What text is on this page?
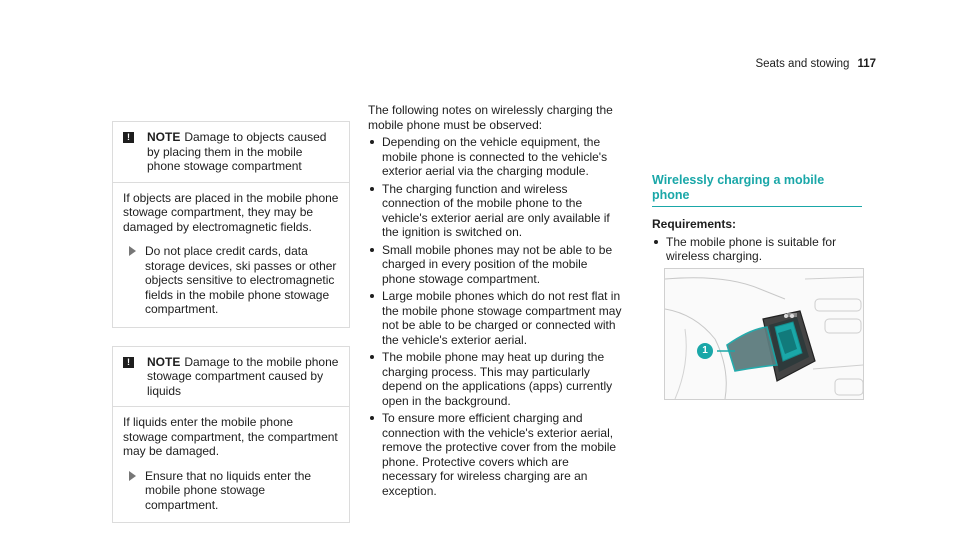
Seats and stowing 117
!	NOTE Damage to objects caused by placing them in the mobile phone stowage compartment

If objects are placed in the mobile phone stowage compartment, they may be damaged by electromagnetic fields.

Do not place credit cards, data storage devices, ski passes or other objects sensitive to electromagnetic fields in the mobile phone stowage compartment.
!	NOTE Damage to the mobile phone stowage compartment caused by liquids

If liquids enter the mobile phone stowage compartment, the compartment may be damaged.

Ensure that no liquids enter the mobile phone stowage compartment.

The following notes on wirelessly charging the mobile phone must be observed:

Depending on the vehicle equipment, the mobile phone is connected to the vehicle's exterior aerial via the charging module.
The charging function and wireless connection of the mobile phone to the vehicle's exterior aerial are only available if the ignition is switched on.
Small mobile phones may not be able to be charged in every position of the mobile phone stowage compartment.
Large mobile phones which do not rest flat in the mobile phone stowage compartment may not be able to be charged or connected with the vehicle's exterior aerial.
The mobile phone may heat up during the charging process. This may particularly depend on the applications (apps) currently open in the background.
To ensure more efficient charging and connection with the vehicle's exterior aerial, remove the protective cover from the mobile phone. Protective covers which are necessary for wireless charging are an exception.
Wirelessly charging a mobile phone
Requirements:
The mobile phone is suitable for wireless charging.

1
